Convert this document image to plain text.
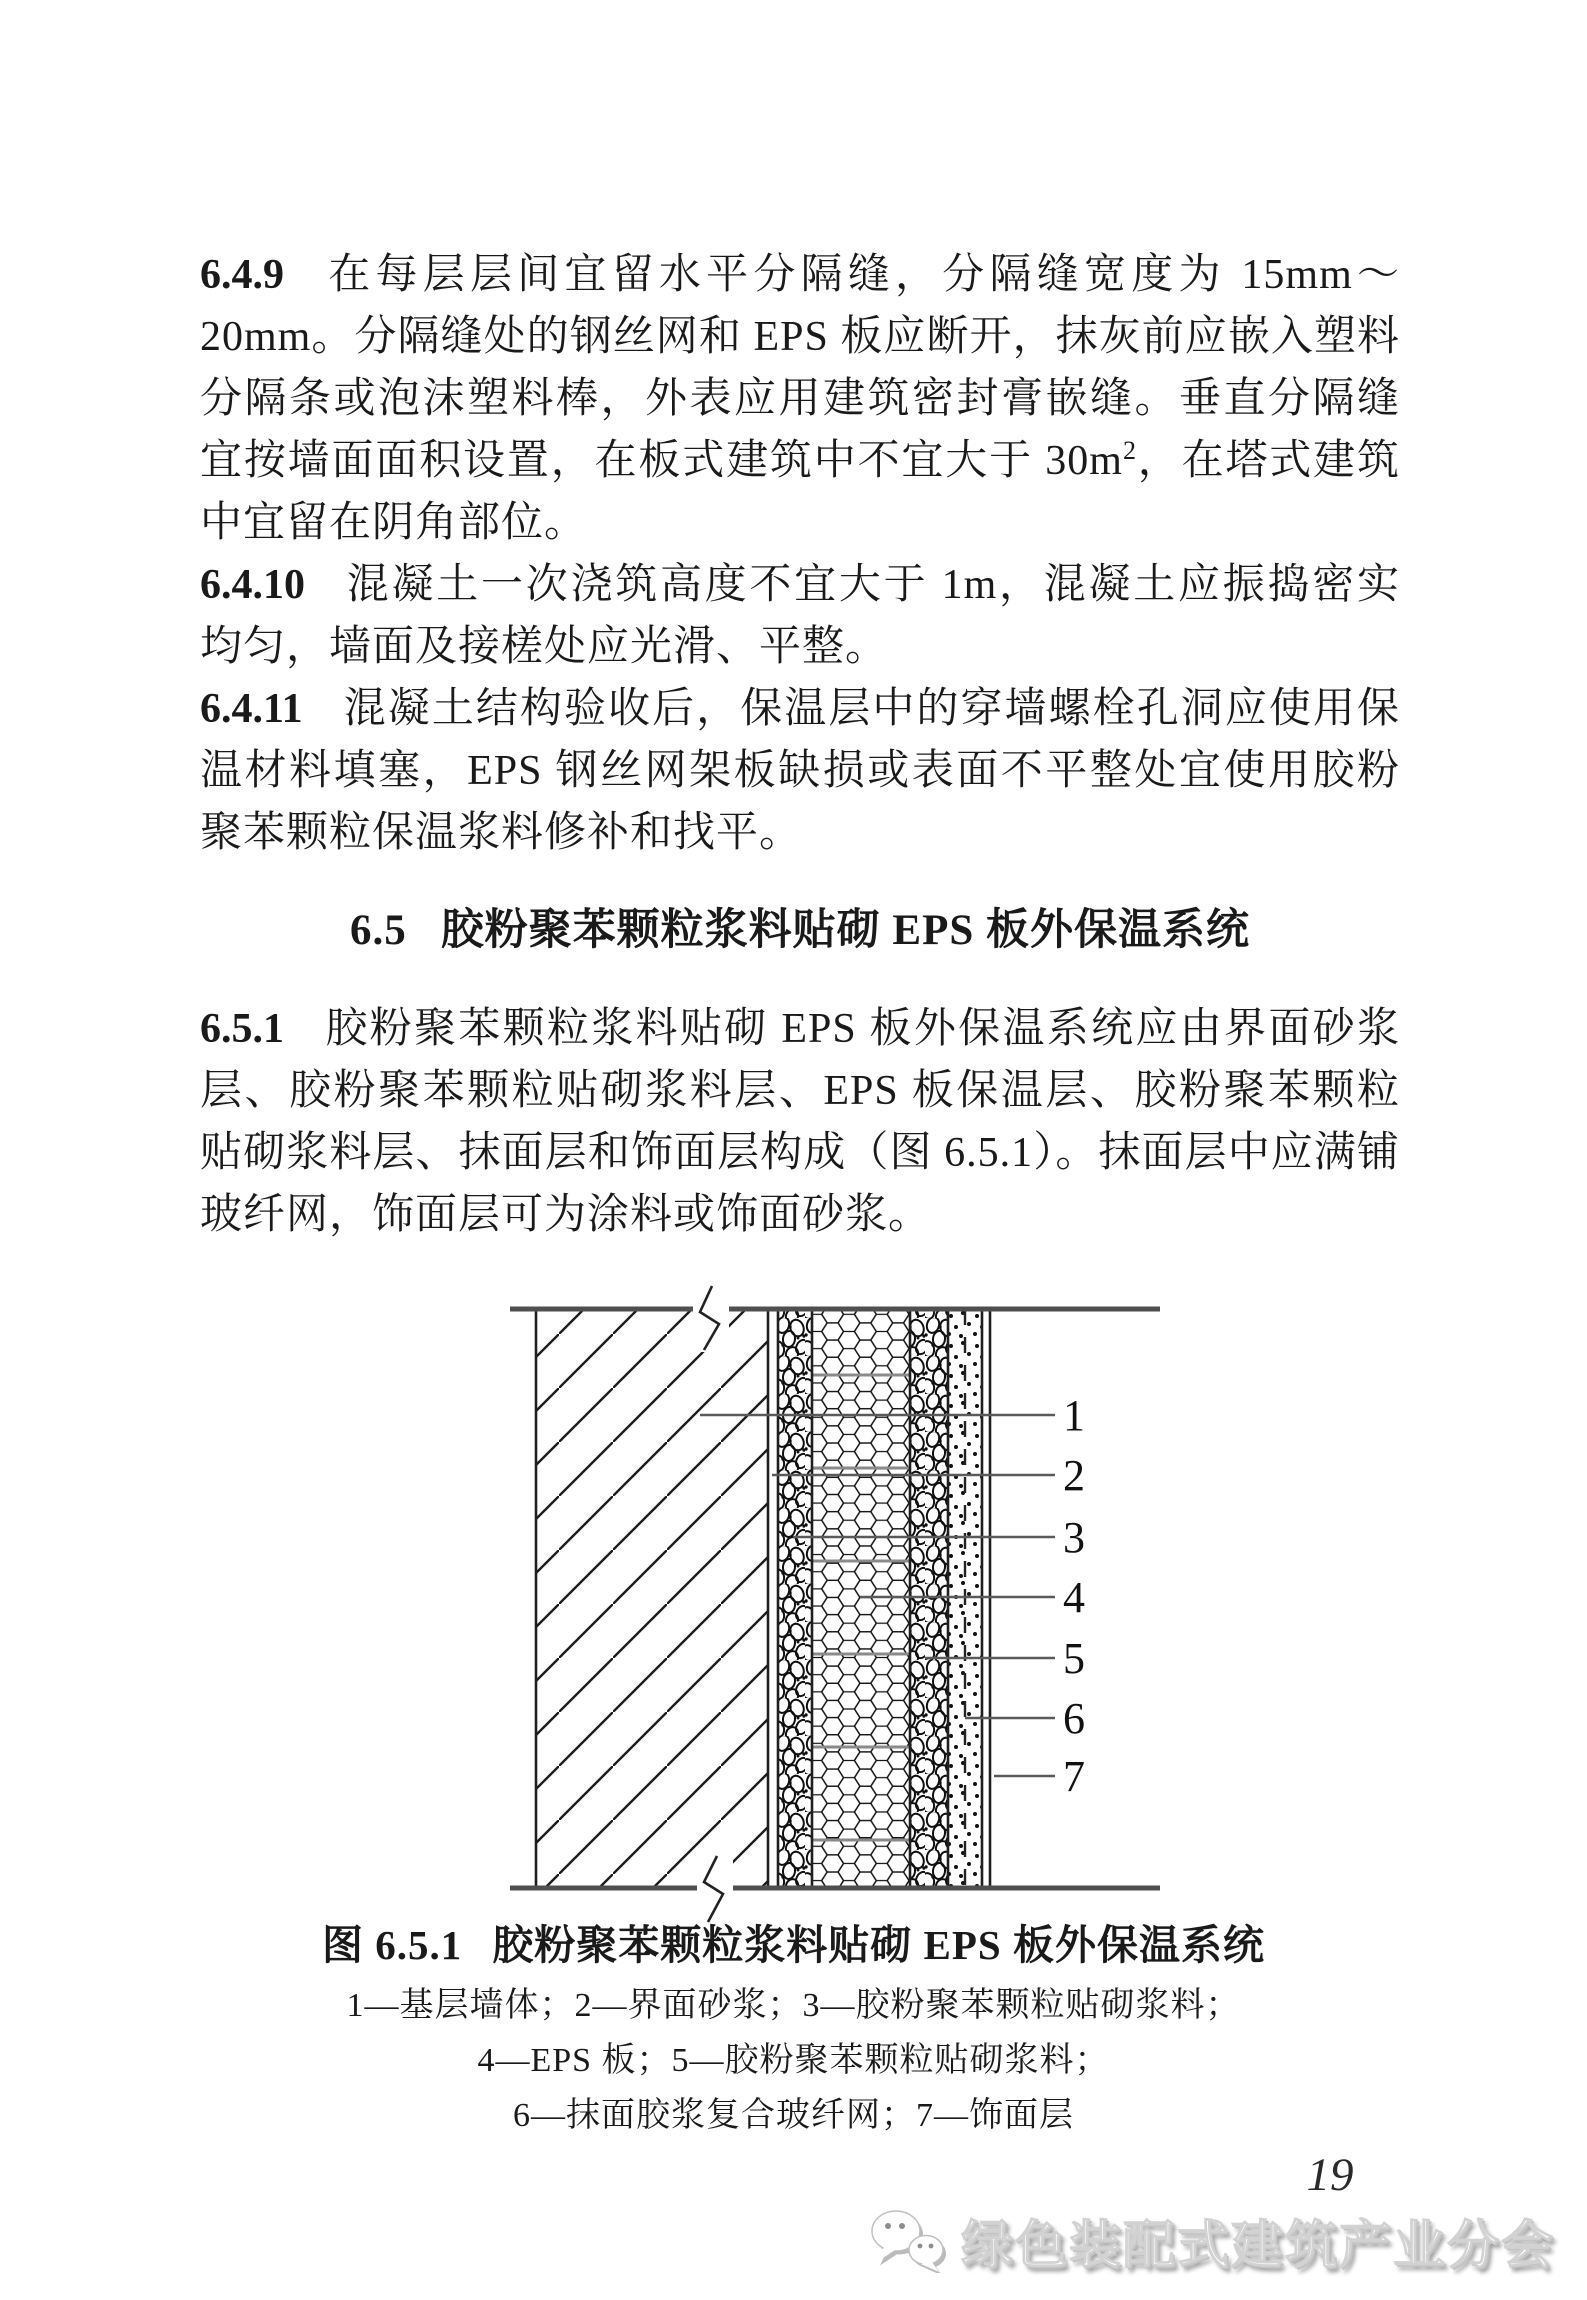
6.4.9 在每层层间宜留水平分隔缝，分隔缝宽度为 15mm～20mm。分隔缝处的钢丝网和 EPS 板应断开，抹灰前应嵌入塑料分隔条或泡沫塑料棒，外表应用建筑密封膏嵌缝。垂直分隔缝宜按墙面面积设置，在板式建筑中不宜大于 $30m^2$，在塔式建筑中宜留在阴角部位。

6.4.10 混凝土一次浇筑高度不宜大于 1m，混凝土应振捣密实均匀，墙面及接槎处应光滑、平整。

6.4.11 混凝土结构验收后，保温层中的穿墙螺栓孔洞应使用保温材料填塞，EPS 钢丝网架板缺损或表面不平整处宜使用胶粉聚苯颗粒保温浆料修补和找平。

6.5 胶粉聚苯颗粒浆料贴砌 EPS 板外保温系统

6.5.1 胶粉聚苯颗粒浆料贴砌 EPS 板外保温系统应由界面砂浆层、胶粉聚苯颗粒贴砌浆料层、EPS 板保温层、胶粉聚苯颗粒贴砌浆料层、抹面层和饰面层构成（图 6.5.1）。抹面层中应满铺玻纤网，饰面层可为涂料或饰面砂浆。

1
2
3
4
5
6
7
图 6.5.1 胶粉聚苯颗粒浆料贴砌 EPS 板外保温系统
1—基层墙体；2—界面砂浆；3—胶粉聚苯颗粒贴砌浆料；
4—EPS 板；5—胶粉聚苯颗粒贴砌浆料；
6—抹面胶浆复合玻纤网；7—饰面层
19
绿色装配式建筑产业分会
